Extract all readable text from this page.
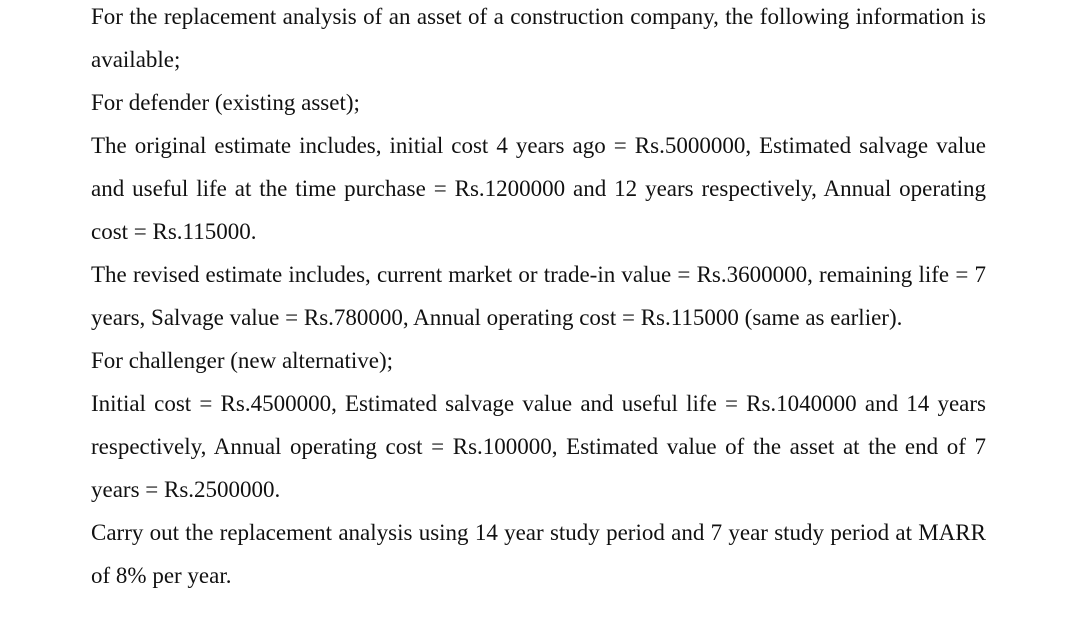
For the replacement analysis of an asset of a construction company, the following information is available;

For defender (existing asset);

The original estimate includes, initial cost 4 years ago = Rs.5000000, Estimated salvage value and useful life at the time purchase = Rs.1200000 and 12 years respectively, Annual operating cost = Rs.115000.

The revised estimate includes, current market or trade-in value = Rs.3600000, remaining life = 7 years, Salvage value = Rs.780000, Annual operating cost = Rs.115000 (same as earlier).

For challenger (new alternative);

Initial cost = Rs.4500000, Estimated salvage value and useful life = Rs.1040000 and 14 years respectively, Annual operating cost = Rs.100000, Estimated value of the asset at the end of 7 years = Rs.2500000.

Carry out the replacement analysis using 14 year study period and 7 year study period at MARR of 8% per year.
